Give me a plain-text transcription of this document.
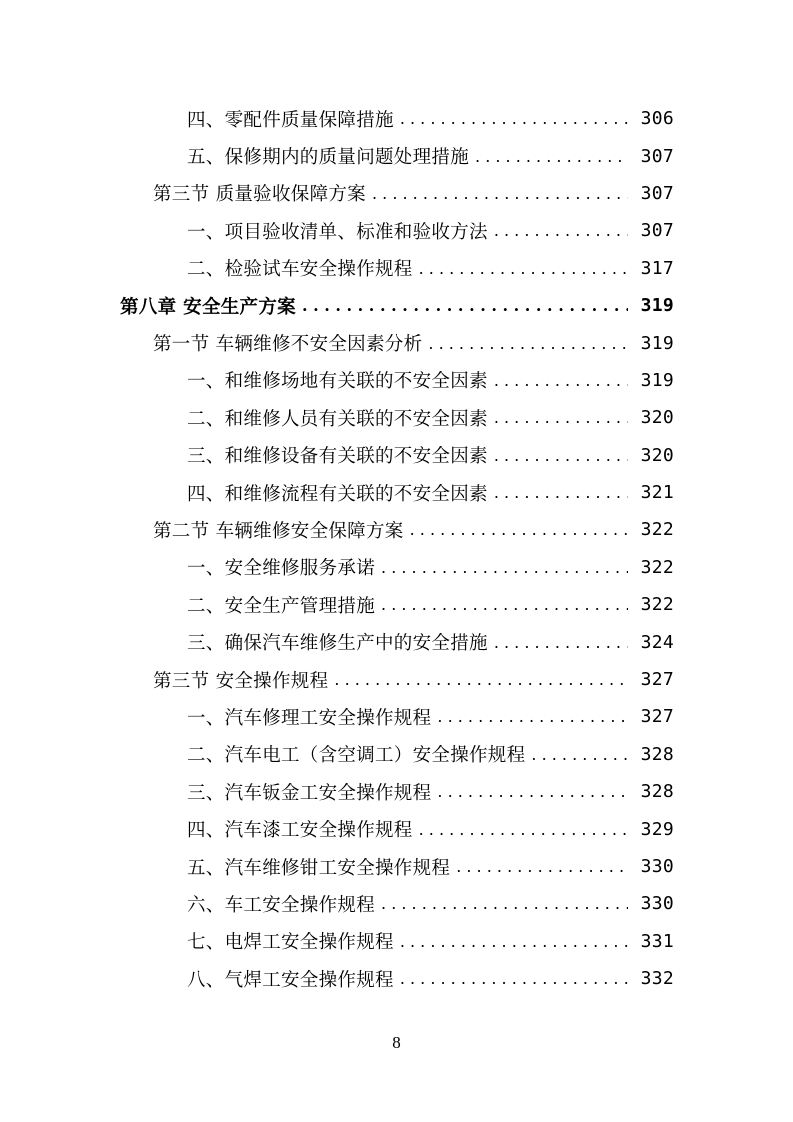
四、零配件质量保障措施 . . .	306
五、保修期内的质量问题处理措施 . . .	307
第三节 质量验收保障方案 . . .	307
一、项目验收清单、标准和验收方法 . . .	307
二、检验试车安全操作规程 . . .	317
第八章 安全生产方案 . . .	319
第一节 车辆维修不安全因素分析 . . .	319
一、和维修场地有关联的不安全因素 . . .	319
二、和维修人员有关联的不安全因素 . . .	320
三、和维修设备有关联的不安全因素 . . .	320
四、和维修流程有关联的不安全因素 . . .	321
第二节 车辆维修安全保障方案 . . .	322
一、安全维修服务承诺 . . .	322
二、安全生产管理措施 . . .	322
三、确保汽车维修生产中的安全措施 . . .	324
第三节 安全操作规程 . . .	327
一、汽车修理工安全操作规程 . . .	327
二、汽车电工（含空调工）安全操作规程 . . .	328
三、汽车钣金工安全操作规程 . . .	328
四、汽车漆工安全操作规程 . . .	329
五、汽车维修钳工安全操作规程 . . .	330
六、车工安全操作规程 . . .	330
七、电焊工安全操作规程 . . .	331
八、气焊工安全操作规程 . . .	332
8
